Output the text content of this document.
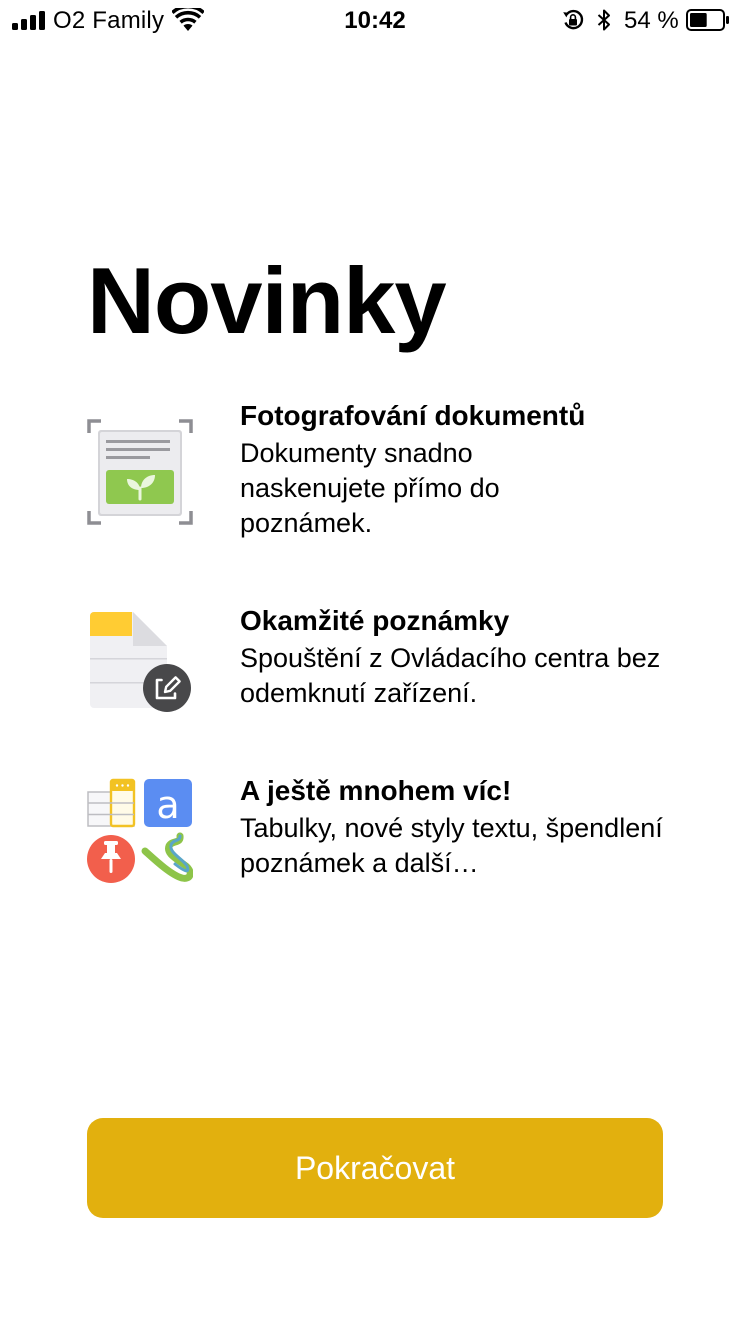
O2 Family	10:42	54 %
Novinky

Fotografování dokumentů

Dokumenty snadno naskenujete přímo do poznámek.

Okamžité poznámky

Spouštění z Ovládacího centra bez odemknutí zařízení.

a A ještě mnohem víc!

Tabulky, nové styly textu, špendlení poznámek a další…

Pokračovat
